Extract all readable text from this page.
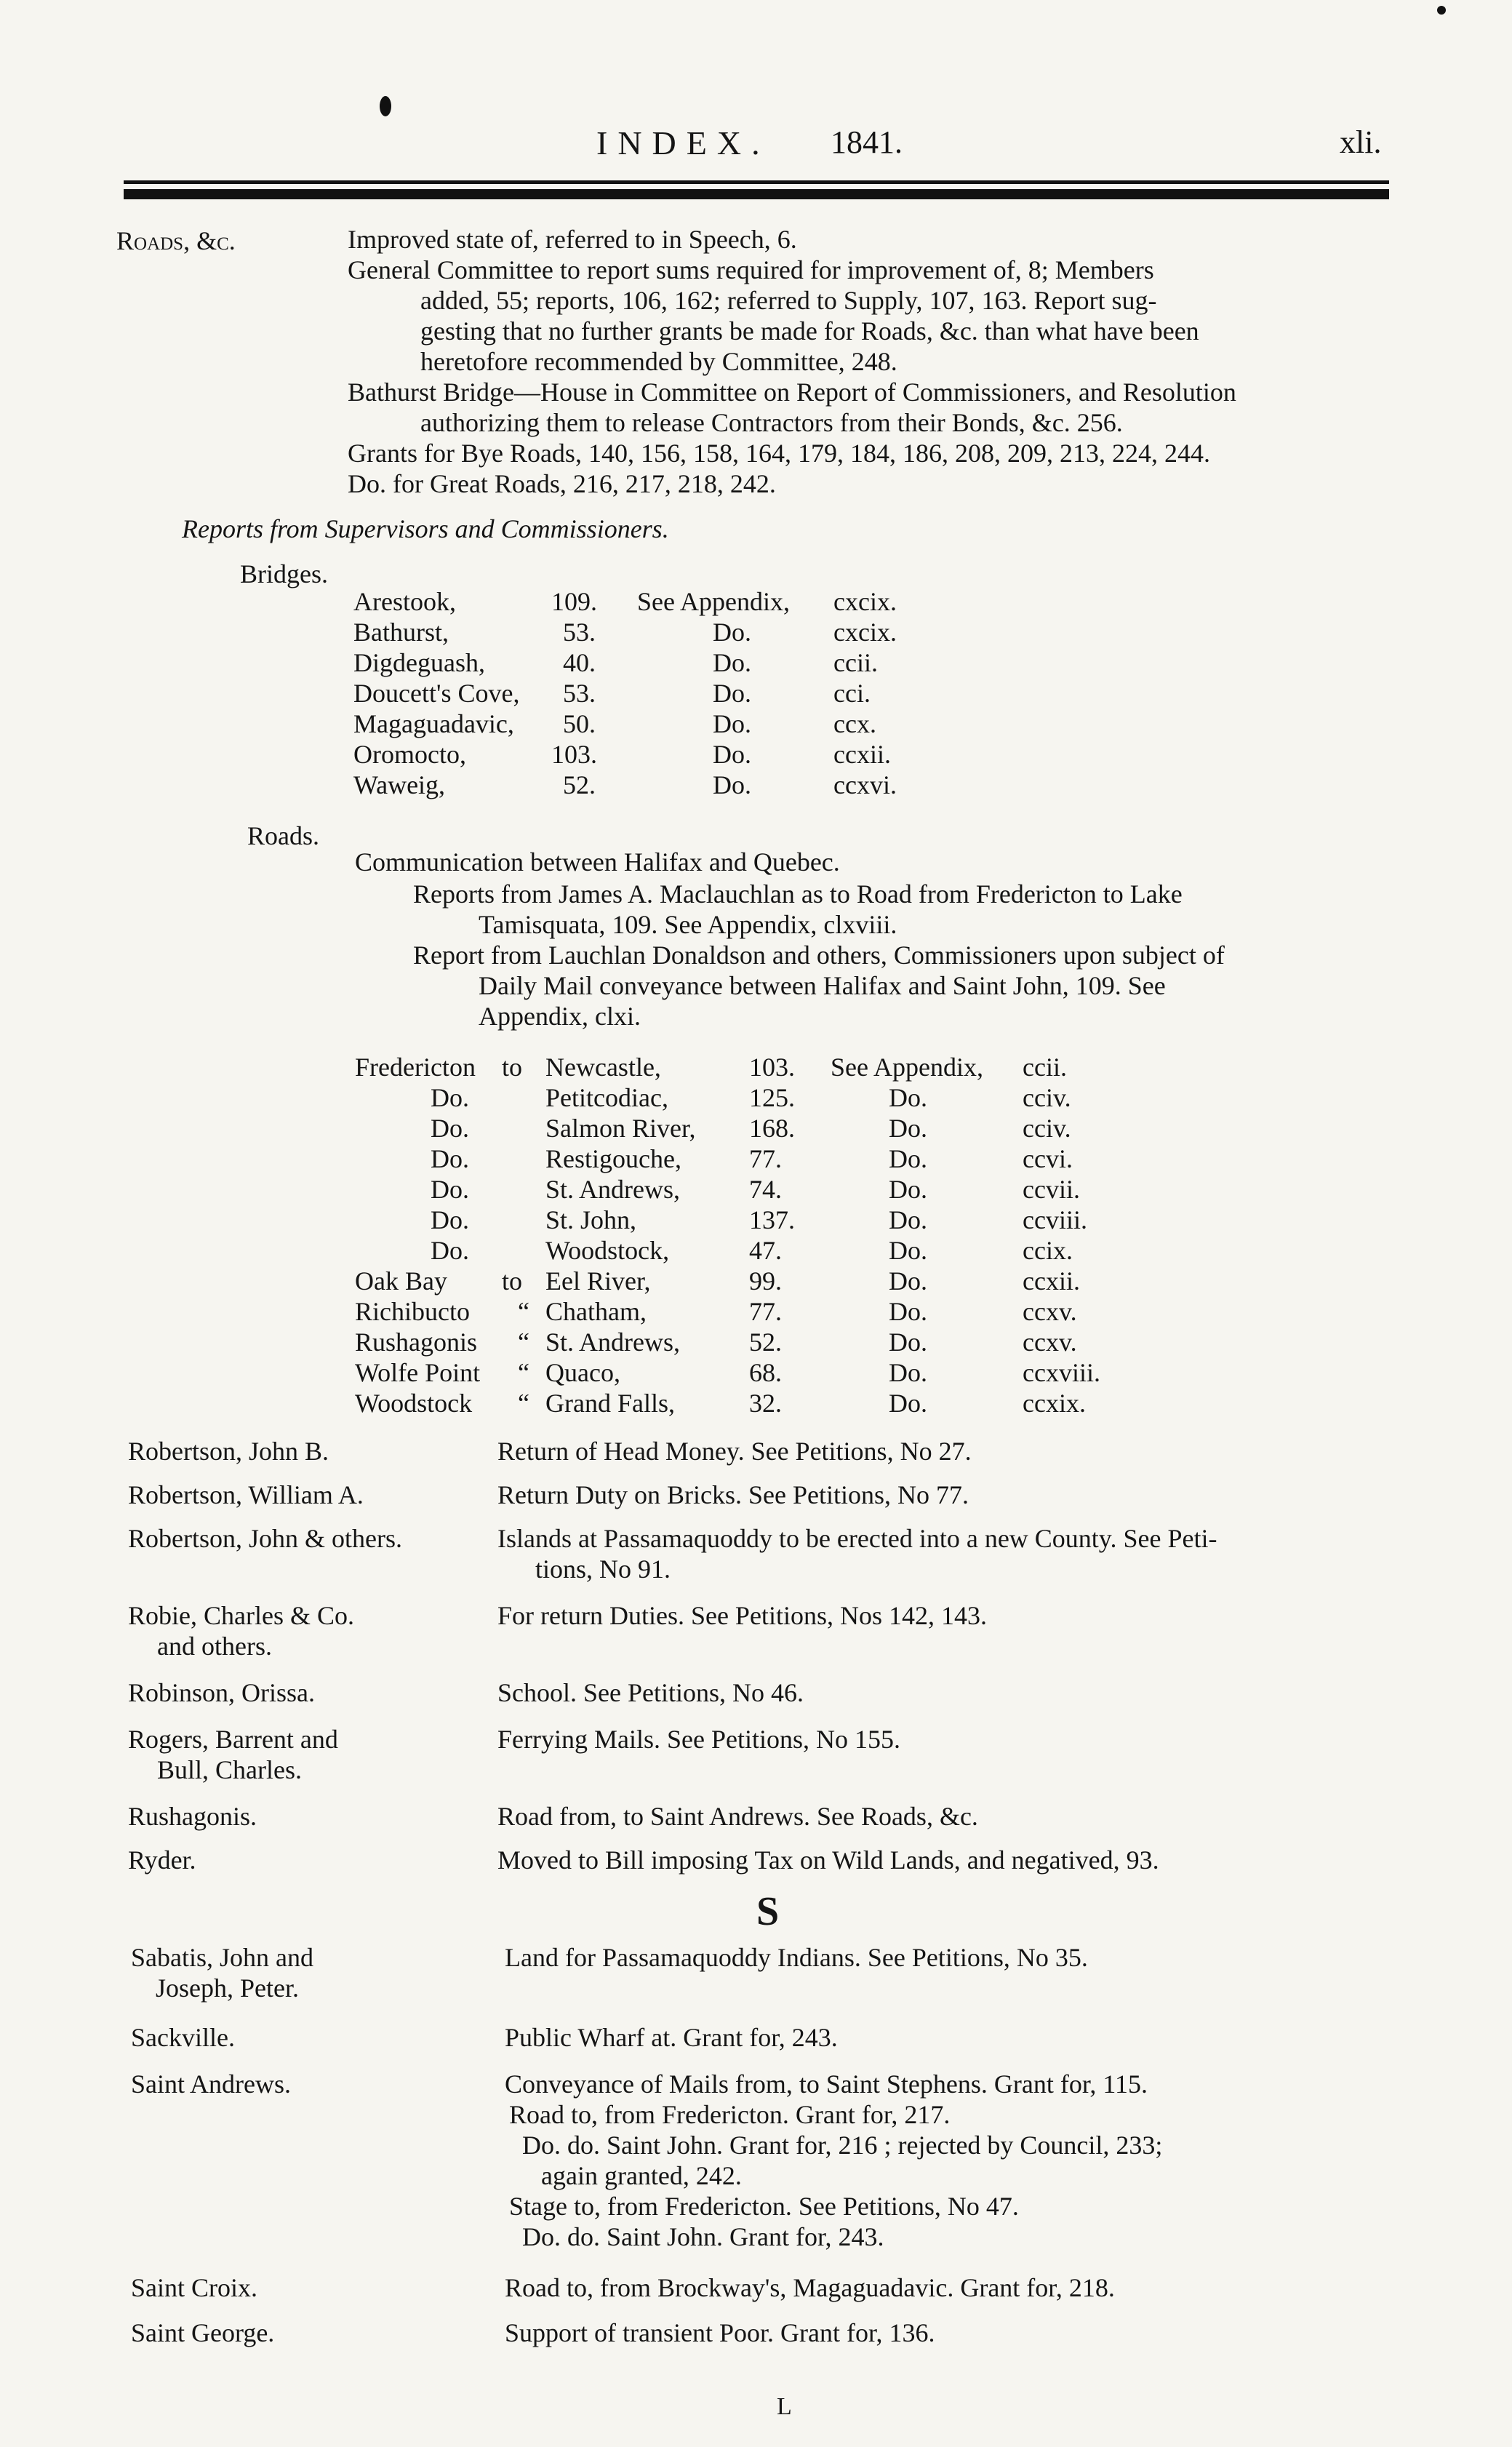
INDEX. 1841.	xli.
Roads, &c.	Improved state of, referred to in Speech, 6.
General Committee to report sums required for improvement of, 8; Members
added, 55; reports, 106, 162; referred to Supply, 107, 163. Report sug-
gesting that no further grants be made for Roads, &c. than what have been
heretofore recommended by Committee, 248.
Bathurst Bridge—House in Committee on Report of Commissioners, and Resolution
authorizing them to release Contractors from their Bonds, &c. 256.
Grants for Bye Roads, 140, 156, 158, 164, 179, 184, 186, 208, 209, 213, 224, 244.
Do. for Great Roads, 216, 217, 218, 242.
Reports from Supervisors and Commissioners.
Bridges.
Arestook,	109. See Appendix, cxcix.
Bathurst,	53.	Do.	cxcix.
Digdeguash,	40.	Do.	ccii.
Doucett's Cove, 53.	Do.	cci.
Magaguadavic, 50.	Do.	ccx.
Oromocto,	103.	Do.	ccxii.
Waweig,	52.	Do.	ccxvi.
Roads.
Communication between Halifax and Quebec.
Reports from James A. Maclauchlan as to Road from Fredericton to Lake
Tamisquata, 109. See Appendix, clxviii.
Report from Lauchlan Donaldson and others, Commissioners upon subject of
Daily Mail conveyance between Halifax and Saint John, 109. See
Appendix, clxi.
Fredericton to Newcastle,	103. See Appendix, ccii.
Do.	Petitcodiac,	125.	Do.	cciv.
Do.	Salmon River, 168.	Do.	cciv.
Do.	Restigouche,	77.	Do.	ccvi.
Do.	St. Andrews,	74.	Do.	ccvii.
Do.	St. John,	137.	Do.	ccviii.
Do.	Woodstock,	47.	Do.	ccix.
Oak Bay to Eel River,	99.	Do.	ccxii.
Richibucto “ Chatham,	77.	Do.	ccxv.
Rushagonis “ St. Andrews,	52.	Do.	ccxv.
Wolfe Point “ Quaco,	68.	Do.	ccxviii.
Woodstock “ Grand Falls,	32.	Do.	ccxix.
Robertson, John B.	Return of Head Money. See Petitions, No 27.
Robertson, William A.	Return Duty on Bricks. See Petitions, No 77.
Robertson, John & others.	Islands at Passamaquoddy to be erected into a new County. See Peti-
tions, No 91.
Robie, Charles & Co.
and others.
For return Duties. See Petitions, Nos 142, 143.
Robinson, Orissa.	School. See Petitions, No 46.
Rogers, Barrent and
Bull, Charles.
Ferrying Mails. See Petitions, No 155.
Rushagonis.	Road from, to Saint Andrews. See Roads, &c.
Ryder.	Moved to Bill imposing Tax on Wild Lands, and negatived, 93.
S
Sabatis, John and
Joseph, Peter.
Land for Passamaquoddy Indians. See Petitions, No 35.
Sackville.	Public Wharf at. Grant for, 243.
Saint Andrews.	Conveyance of Mails from, to Saint Stephens. Grant for, 115.
Road to, from Fredericton. Grant for, 217.
Do. do. Saint John. Grant for, 216 ; rejected by Council, 233;
again granted, 242.
Stage to, from Fredericton. See Petitions, No 47.
Do. do. Saint John. Grant for, 243.
Saint Croix.	Road to, from Brockway's, Magaguadavic. Grant for, 218.
Saint George.	Support of transient Poor. Grant for, 136.
L
